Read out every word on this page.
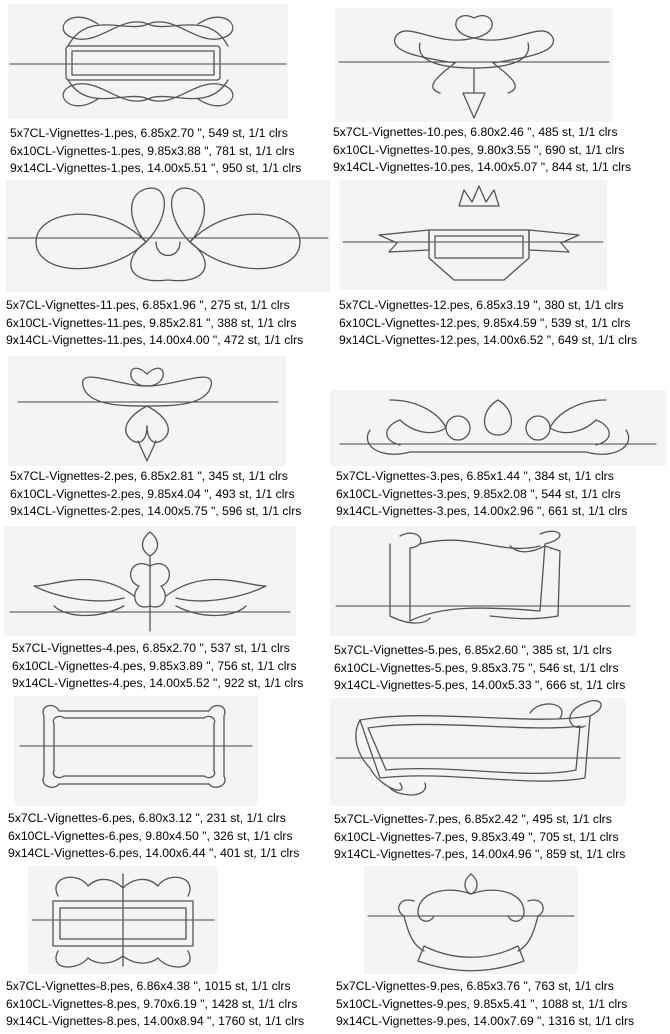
5x7CL-Vignettes-1.pes, 6.85x2.70 ", 549 st, 1/1 clrs
6x10CL-Vignettes-1.pes, 9.85x3.88 ", 781 st, 1/1 clrs
9x14CL-Vignettes-1.pes, 14.00x5.51 ", 950 st, 1/1 clrs
5x7CL-Vignettes-10.pes, 6.80x2.46 ", 485 st, 1/1 clrs
6x10CL-Vignettes-10.pes, 9.80x3.55 ", 690 st, 1/1 clrs
9x14CL-Vignettes-10.pes, 14.00x5.07 ", 844 st, 1/1 clrs
5x7CL-Vignettes-11.pes, 6.85x1.96 ", 275 st, 1/1 clrs
6x10CL-Vignettes-11.pes, 9.85x2.81 ", 388 st, 1/1 clrs
9x14CL-Vignettes-11.pes, 14.00x4.00 ", 472 st, 1/1 clrs
5x7CL-Vignettes-12.pes, 6.85x3.19 ", 380 st, 1/1 clrs
6x10CL-Vignettes-12.pes, 9.85x4.59 ", 539 st, 1/1 clrs
9x14CL-Vignettes-12.pes, 14.00x6.52 ", 649 st, 1/1 clrs
5x7CL-Vignettes-2.pes, 6.85x2.81 ", 345 st, 1/1 clrs
6x10CL-Vignettes-2.pes, 9.85x4.04 ", 493 st, 1/1 clrs
9x14CL-Vignettes-2.pes, 14.00x5.75 ", 596 st, 1/1 clrs
5x7CL-Vignettes-3.pes, 6.85x1.44 ", 384 st, 1/1 clrs
6x10CL-Vignettes-3.pes, 9.85x2.08 ", 544 st, 1/1 clrs
9x14CL-Vignettes-3.pes, 14.00x2.96 ", 661 st, 1/1 clrs
5x7CL-Vignettes-4.pes, 6.85x2.70 ", 537 st, 1/1 clrs
6x10CL-Vignettes-4.pes, 9.85x3.89 ", 756 st, 1/1 clrs
9x14CL-Vignettes-4.pes, 14.00x5.52 ", 922 st, 1/1 clrs
5x7CL-Vignettes-5.pes, 6.85x2.60 ", 385 st, 1/1 clrs
6x10CL-Vignettes-5.pes, 9.85x3.75 ", 546 st, 1/1 clrs
9x14CL-Vignettes-5.pes, 14.00x5.33 ", 666 st, 1/1 clrs
5x7CL-Vignettes-6.pes, 6.80x3.12 ", 231 st, 1/1 clrs
6x10CL-Vignettes-6.pes, 9.80x4.50 ", 326 st, 1/1 clrs
9x14CL-Vignettes-6.pes, 14.00x6.44 ", 401 st, 1/1 clrs
5x7CL-Vignettes-7.pes, 6.85x2.42 ", 495 st, 1/1 clrs
6x10CL-Vignettes-7.pes, 9.85x3.49 ", 705 st, 1/1 clrs
9x14CL-Vignettes-7.pes, 14.00x4.96 ", 859 st, 1/1 clrs
5x7CL-Vignettes-8.pes, 6.86x4.38 ", 1015 st, 1/1 clrs
6x10CL-Vignettes-8.pes, 9.70x6.19 ", 1428 st, 1/1 clrs
9x14CL-Vignettes-8.pes, 14.00x8.94 ", 1760 st, 1/1 clrs
5x7CL-Vignettes-9.pes, 6.85x3.76 ", 763 st, 1/1 clrs
5x10CL-Vignettes-9.pes, 9.85x5.41 ", 1088 st, 1/1 clrs
9x14CL-Vignettes-9.pes, 14.00x7.69 ", 1316 st, 1/1 clrs
